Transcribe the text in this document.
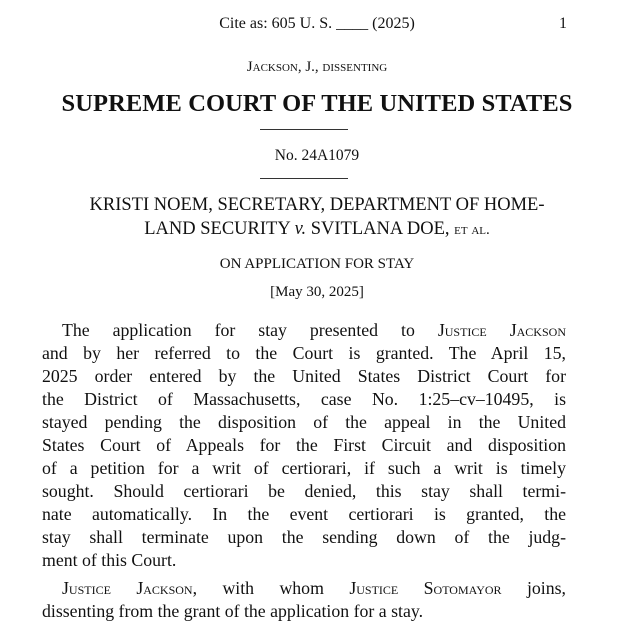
Cite as: 605 U. S. ____ (2025)	1
Jackson, J., dissenting
SUPREME COURT OF THE UNITED STATES
No. 24A1079
KRISTI NOEM, SECRETARY, DEPARTMENT OF HOME-
LAND SECURITY v. SVITLANA DOE, et al.
ON APPLICATION FOR STAY
[May 30, 2025]
The application for stay presented to Justice Jackson
and by her referred to the Court is granted. The April 15,
2025 order entered by the United States District Court for
the District of Massachusetts, case No. 1:25–cv–10495, is
stayed pending the disposition of the appeal in the United
States Court of Appeals for the First Circuit and disposition
of a petition for a writ of certiorari, if such a writ is timely
sought. Should certiorari be denied, this stay shall termi-
nate automatically. In the event certiorari is granted, the
stay shall terminate upon the sending down of the judg-
ment of this Court.
Justice Jackson, with whom Justice Sotomayor joins,
dissenting from the grant of the application for a stay.
